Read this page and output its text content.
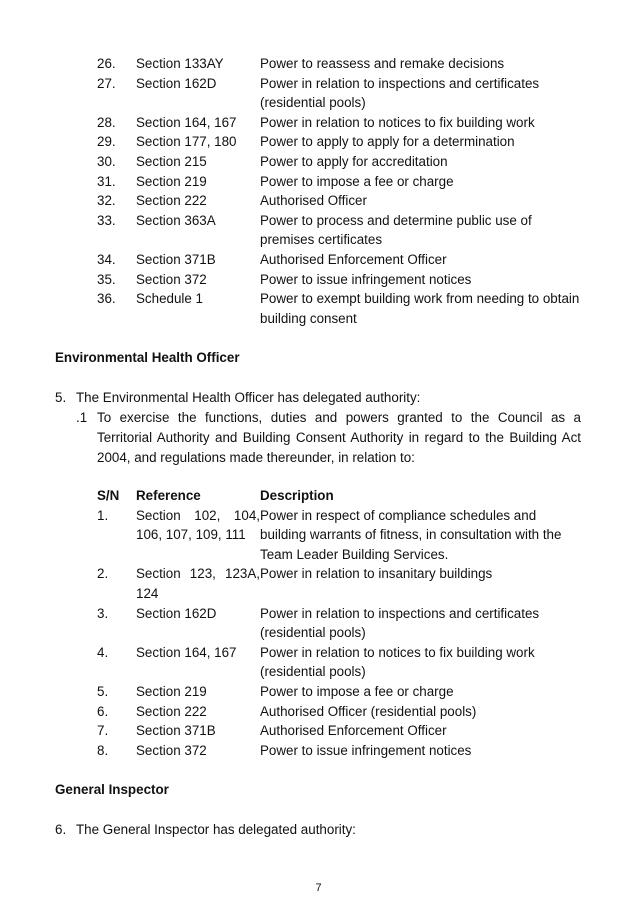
26.	Section 133AY	Power to reassess and remake decisions
27.	Section 162D	Power in relation to inspections and certificates (residential pools)
28.	Section 164, 167	Power in relation to notices to fix building work
29.	Section 177, 180	Power to apply to apply for a determination
30.	Section 215	Power to apply for accreditation
31.	Section 219	Power to impose a fee or charge
32.	Section 222	Authorised Officer
33.	Section 363A	Power to process and determine public use of premises certificates
34.	Section 371B	Authorised Enforcement Officer
35.	Section 372	Power to issue infringement notices
36.	Schedule 1	Power to exempt building work from needing to obtain building consent
Environmental Health Officer
5. The Environmental Health Officer has delegated authority:
.1 To exercise the functions, duties and powers granted to the Council as a Territorial Authority and Building Consent Authority in regard to the Building Act 2004, and regulations made thereunder, in relation to:
S/N	Reference	Description
1.	Section 102, 104, 106, 107, 109, 111	Power in respect of compliance schedules and building warrants of fitness, in consultation with the Team Leader Building Services.
2.	Section 123, 123A, 124	Power in relation to insanitary buildings
3.	Section 162D	Power in relation to inspections and certificates (residential pools)
4.	Section 164, 167	Power in relation to notices to fix building work (residential pools)
5.	Section 219	Power to impose a fee or charge
6.	Section 222	Authorised Officer (residential pools)
7.	Section 371B	Authorised Enforcement Officer
8.	Section 372	Power to issue infringement notices
General Inspector
6. The General Inspector has delegated authority:
7
